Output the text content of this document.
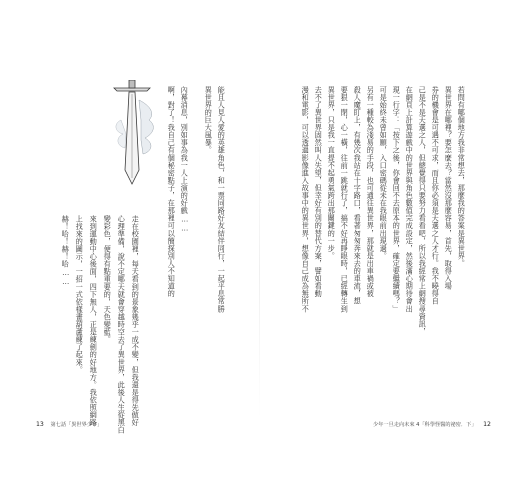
能且人見人愛的英雄角色，和一票同路好友結伴同行，一起平息常勝
異世界的巨大風暴。
內幕消息，別如事為我一人上演的好戲……
啊，對了！我自己有個秘密點子，在那裡可以簡探別人不知道的
走在校園裡，每天看到的景象幾乎一成不變，但我還是得先做好
心理準備，說不定哪天就會穿越時空去了異世界，此後人生從黑白
變彩色，便得有點重要的，天色變藍。
來到運動中心後面，四下無人，正是練劍的好地方。我依照網路
上找來的圖示，一招一式依樣畫葫蘆練了起來。
赫！哈！赫！哈……
13 第七話「異世界少年」
若問有哪個地方我非常想去，那麼我的答案是異世界。
異世界在哪裡？要怎麼去？當然沒那麼容易，首先，取得入場
券的機會是可遇不可求，而且你必須是天選之人才行。我不曉得自
己是不是天選之人，但總覺得只要努力看看吧，所以我經常上網搜尋資訊，
在網頁上計算遊戲中的世界與角色數值完成設定，然後滿心期待會出
現一行字：「按下之後，你會回不去原本的世界，確定要繼續嗎？」
可是始終未曾如願，入口密碼從未在我眼前出現過。
另有一種較為淺易的手段，也可通往異世界，那就是出車禍或被
殺人魔盯上，有幾次我站在十字路口，看著匆匆奔來去的車流，想
要狠一閉，心一橫，往前一跳就行了，搞不好再睜眼時，已經轉生到
異世界，只是我一直提不起勇氣跨出那關鍵的一步。
去不了異世界固然叫人失望，但幸好有別的替代方案，譬如看動
漫和電影，可以透過影像進入故事中的異世界，想像自己成為無所不
少年一旦走向未來 4「科學怪醫的祕密．下」 12
